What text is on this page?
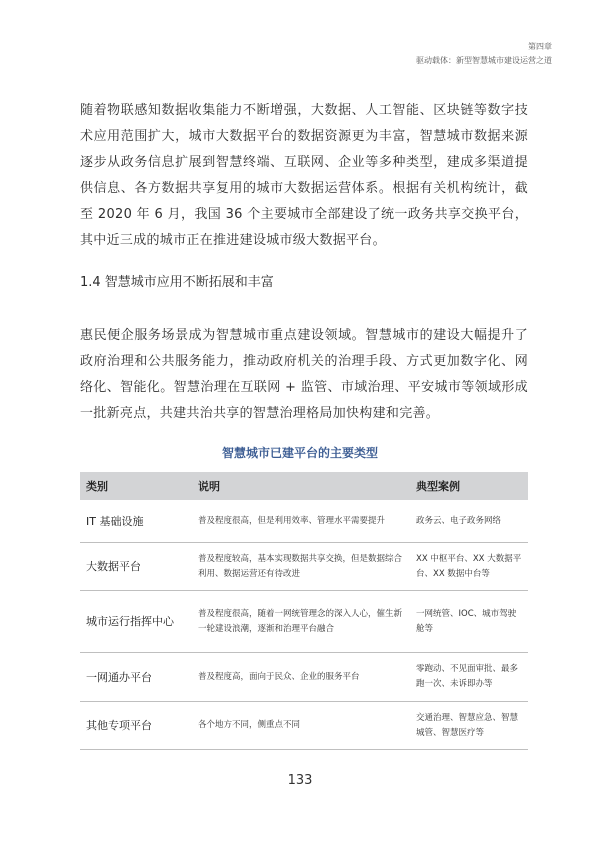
第四章
驱动载体：新型智慧城市建设运营之道

随着物联感知数据收集能力不断增强，大数据、人工智能、区块链等数字技术应用范围扩大，城市大数据平台的数据资源更为丰富，智慧城市数据来源逐步从政务信息扩展到智慧终端、互联网、企业等多种类型，建成多渠道提供信息、各方数据共享复用的城市大数据运营体系。根据有关机构统计，截至 2020 年 6 月，我国 36 个主要城市全部建设了统一政务共享交换平台，其中近三成的城市正在推进建设城市级大数据平台。

1.4 智慧城市应用不断拓展和丰富

惠民便企服务场景成为智慧城市重点建设领域。智慧城市的建设大幅提升了政府治理和公共服务能力，推动政府机关的治理手段、方式更加数字化、网络化、智能化。智慧治理在互联网 + 监管、市域治理、平安城市等领域形成一批新亮点，共建共治共享的智慧治理格局加快构建和完善。

智慧城市已建平台的主要类型
类别	说明	典型案例
IT 基础设施	普及程度很高，但是利用效率、管理水平需要提升	政务云、电子政务网络
大数据平台	普及程度较高，基本实现数据共享交换，但是数据综合利用、数据运营还有待改进	XX 中枢平台、XX 大数据平台、XX 数据中台等
城市运行指挥中心	普及程度很高，随着一网统管理念的深入人心，催生新一轮建设浪潮，逐渐和治理平台融合	一网统管、IOC、城市驾驶舱等
一网通办平台	普及程度高，面向于民众、企业的服务平台	零跑动、不见面审批、最多跑一次、未诉即办等
其他专项平台	各个地方不同，侧重点不同	交通治理、智慧应急、智慧城管、智慧医疗等
133
